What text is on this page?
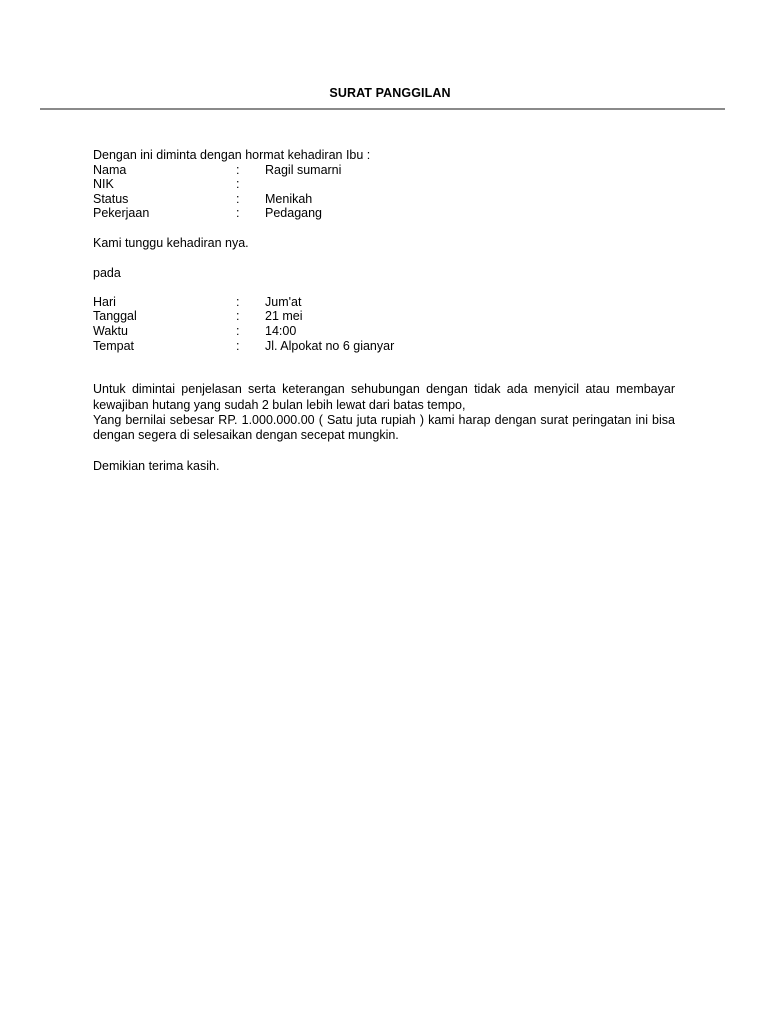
SURAT PANGGILAN
Dengan ini diminta dengan hormat kehadiran Ibu :
Nama	: Ragil sumarni
NIK	:
Status	: Menikah
Pekerjaan	: Pedagang
Kami tunggu kehadiran nya.
pada
Hari	: Jum'at
Tanggal	: 21 mei
Waktu	: 14:00
Tempat	: Jl. Alpokat no 6 gianyar
Untuk dimintai penjelasan serta keterangan sehubungan dengan tidak ada menyicil atau membayar kewajiban hutang yang sudah 2 bulan lebih lewat dari batas tempo,
Yang bernilai sebesar RP. 1.000.000.00 ( Satu juta rupiah ) kami harap dengan surat peringatan ini bisa dengan segera di selesaikan dengan secepat mungkin.
Demikian terima kasih.
